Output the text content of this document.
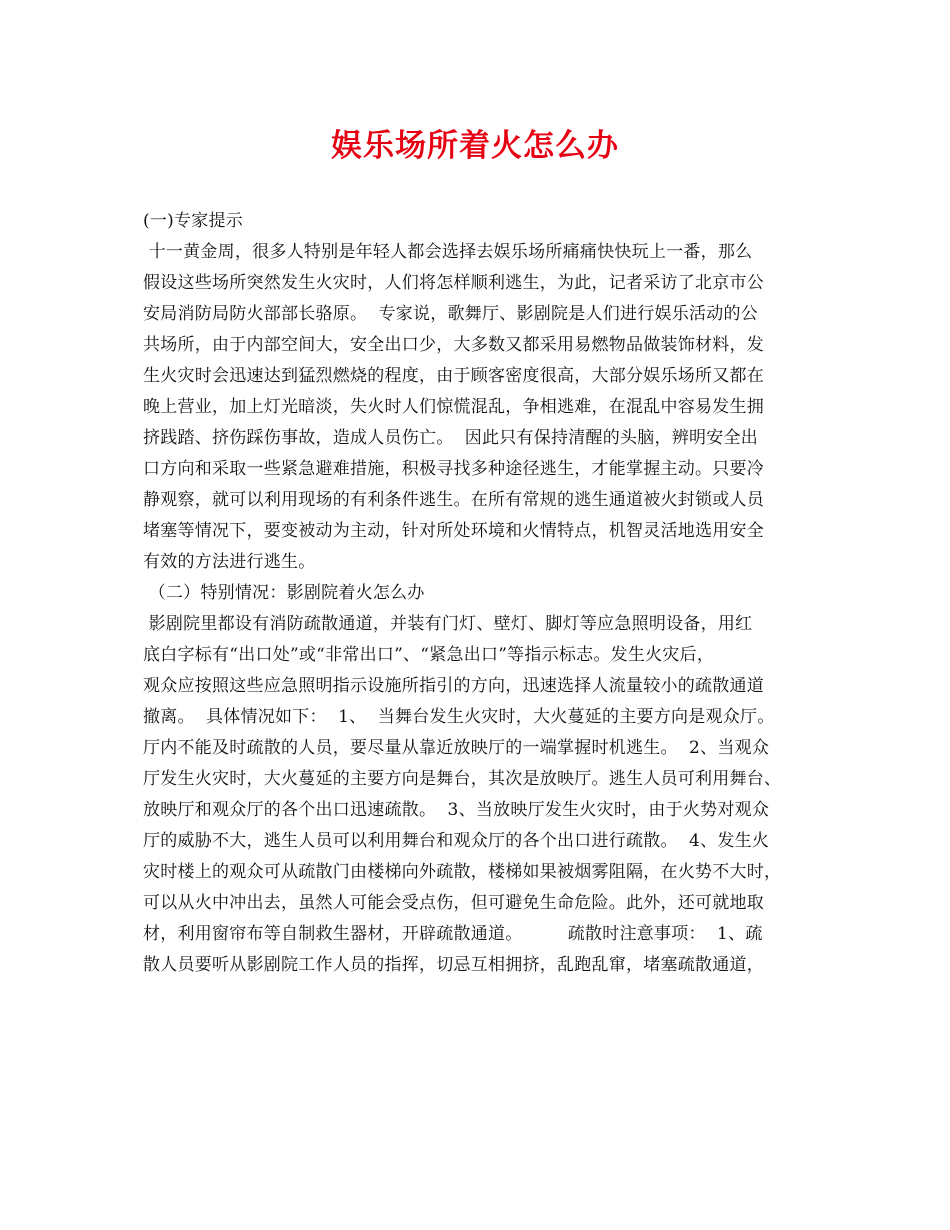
娱乐场所着火怎么办
(一)专家提示
十一黄金周，很多人特别是年轻人都会选择去娱乐场所痛痛快快玩上一番，那么
假设这些场所突然发生火灾时，人们将怎样顺利逃生，为此，记者采访了北京市公
安局消防局防火部部长骆原。  专家说，歌舞厅、影剧院是人们进行娱乐活动的公
共场所，由于内部空间大，安全出口少，大多数又都采用易燃物品做装饰材料，发
生火灾时会迅速达到猛烈燃烧的程度，由于顾客密度很高，大部分娱乐场所又都在
晚上营业，加上灯光暗淡，失火时人们惊慌混乱，争相逃难，在混乱中容易发生拥
挤践踏、挤伤踩伤事故，造成人员伤亡。  因此只有保持清醒的头脑，辨明安全出
口方向和采取一些紧急避难措施，积极寻找多种途径逃生，才能掌握主动。只要冷
静观察，就可以利用现场的有利条件逃生。在所有常规的逃生通道被火封锁或人员
堵塞等情况下，要变被动为主动，针对所处环境和火情特点，机智灵活地选用安全
有效的方法进行逃生。
（二）特别情况：影剧院着火怎么办
影剧院里都设有消防疏散通道，并装有门灯、壁灯、脚灯等应急照明设备，用红
底白字标有“出口处”或“非常出口”、“紧急出口”等指示标志。发生火灾后，
观众应按照这些应急照明指示设施所指引的方向，迅速选择人流量较小的疏散通道
撤离。  具体情况如下：  1、  当舞台发生火灾时，大火蔓延的主要方向是观众厅。
厅内不能及时疏散的人员，要尽量从靠近放映厅的一端掌握时机逃生。  2、当观众
厅发生火灾时，大火蔓延的主要方向是舞台，其次是放映厅。逃生人员可利用舞台、
放映厅和观众厅的各个出口迅速疏散。  3、当放映厅发生火灾时，由于火势对观众
厅的威胁不大，逃生人员可以利用舞台和观众厅的各个出口进行疏散。  4、发生火
灾时楼上的观众可从疏散门由楼梯向外疏散，楼梯如果被烟雾阻隔，在火势不大时，
可以从火中冲出去，虽然人可能会受点伤，但可避免生命危险。此外，还可就地取
材，利用窗帘布等自制救生器材，开辟疏散通道。        疏散时注意事项：  1、疏
散人员要听从影剧院工作人员的指挥，切忌互相拥挤，乱跑乱窜，堵塞疏散通道，
